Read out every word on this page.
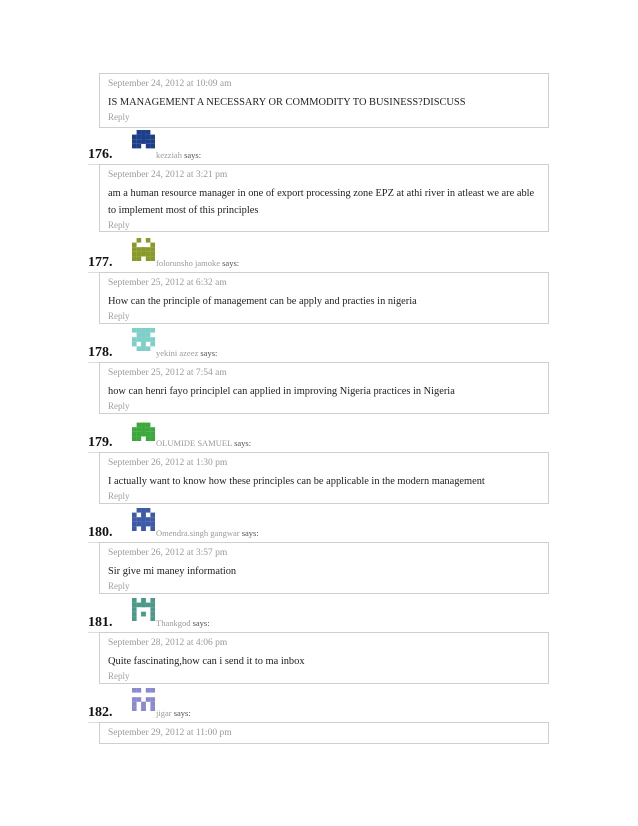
September 24, 2012 at 10:09 am
IS MANAGEMENT A NECESSARY OR COMMODITY TO BUSINESS?DISCUSS
Reply
176.	kezziah says:
September 24, 2012 at 3:21 pm
am a human resource manager in one of export processing zone EPZ at athi river in atleast we are able to implement most of this principles
Reply
177.	folorunsho jamoke says:
September 25, 2012 at 6:32 am
How can the principle of management can be apply and practies in nigeria
Reply
178.	yekini azeez says:
September 25, 2012 at 7:54 am
how can henri fayo principlel can applied in improving Nigeria practices in Nigeria
Reply
179.	OLUMIDE SAMUEL says:
September 26, 2012 at 1:30 pm
I actually want to know how these principles can be applicable in the modern management
Reply
180.	Omendra.singh gangwar says:
September 26, 2012 at 3:57 pm
Sir give mi maney information
Reply
181.	Thankgod says:
September 28, 2012 at 4:06 pm
Quite fascinating,how can i send it to ma inbox
Reply
182.	jigar says:
September 29, 2012 at 11:00 pm
